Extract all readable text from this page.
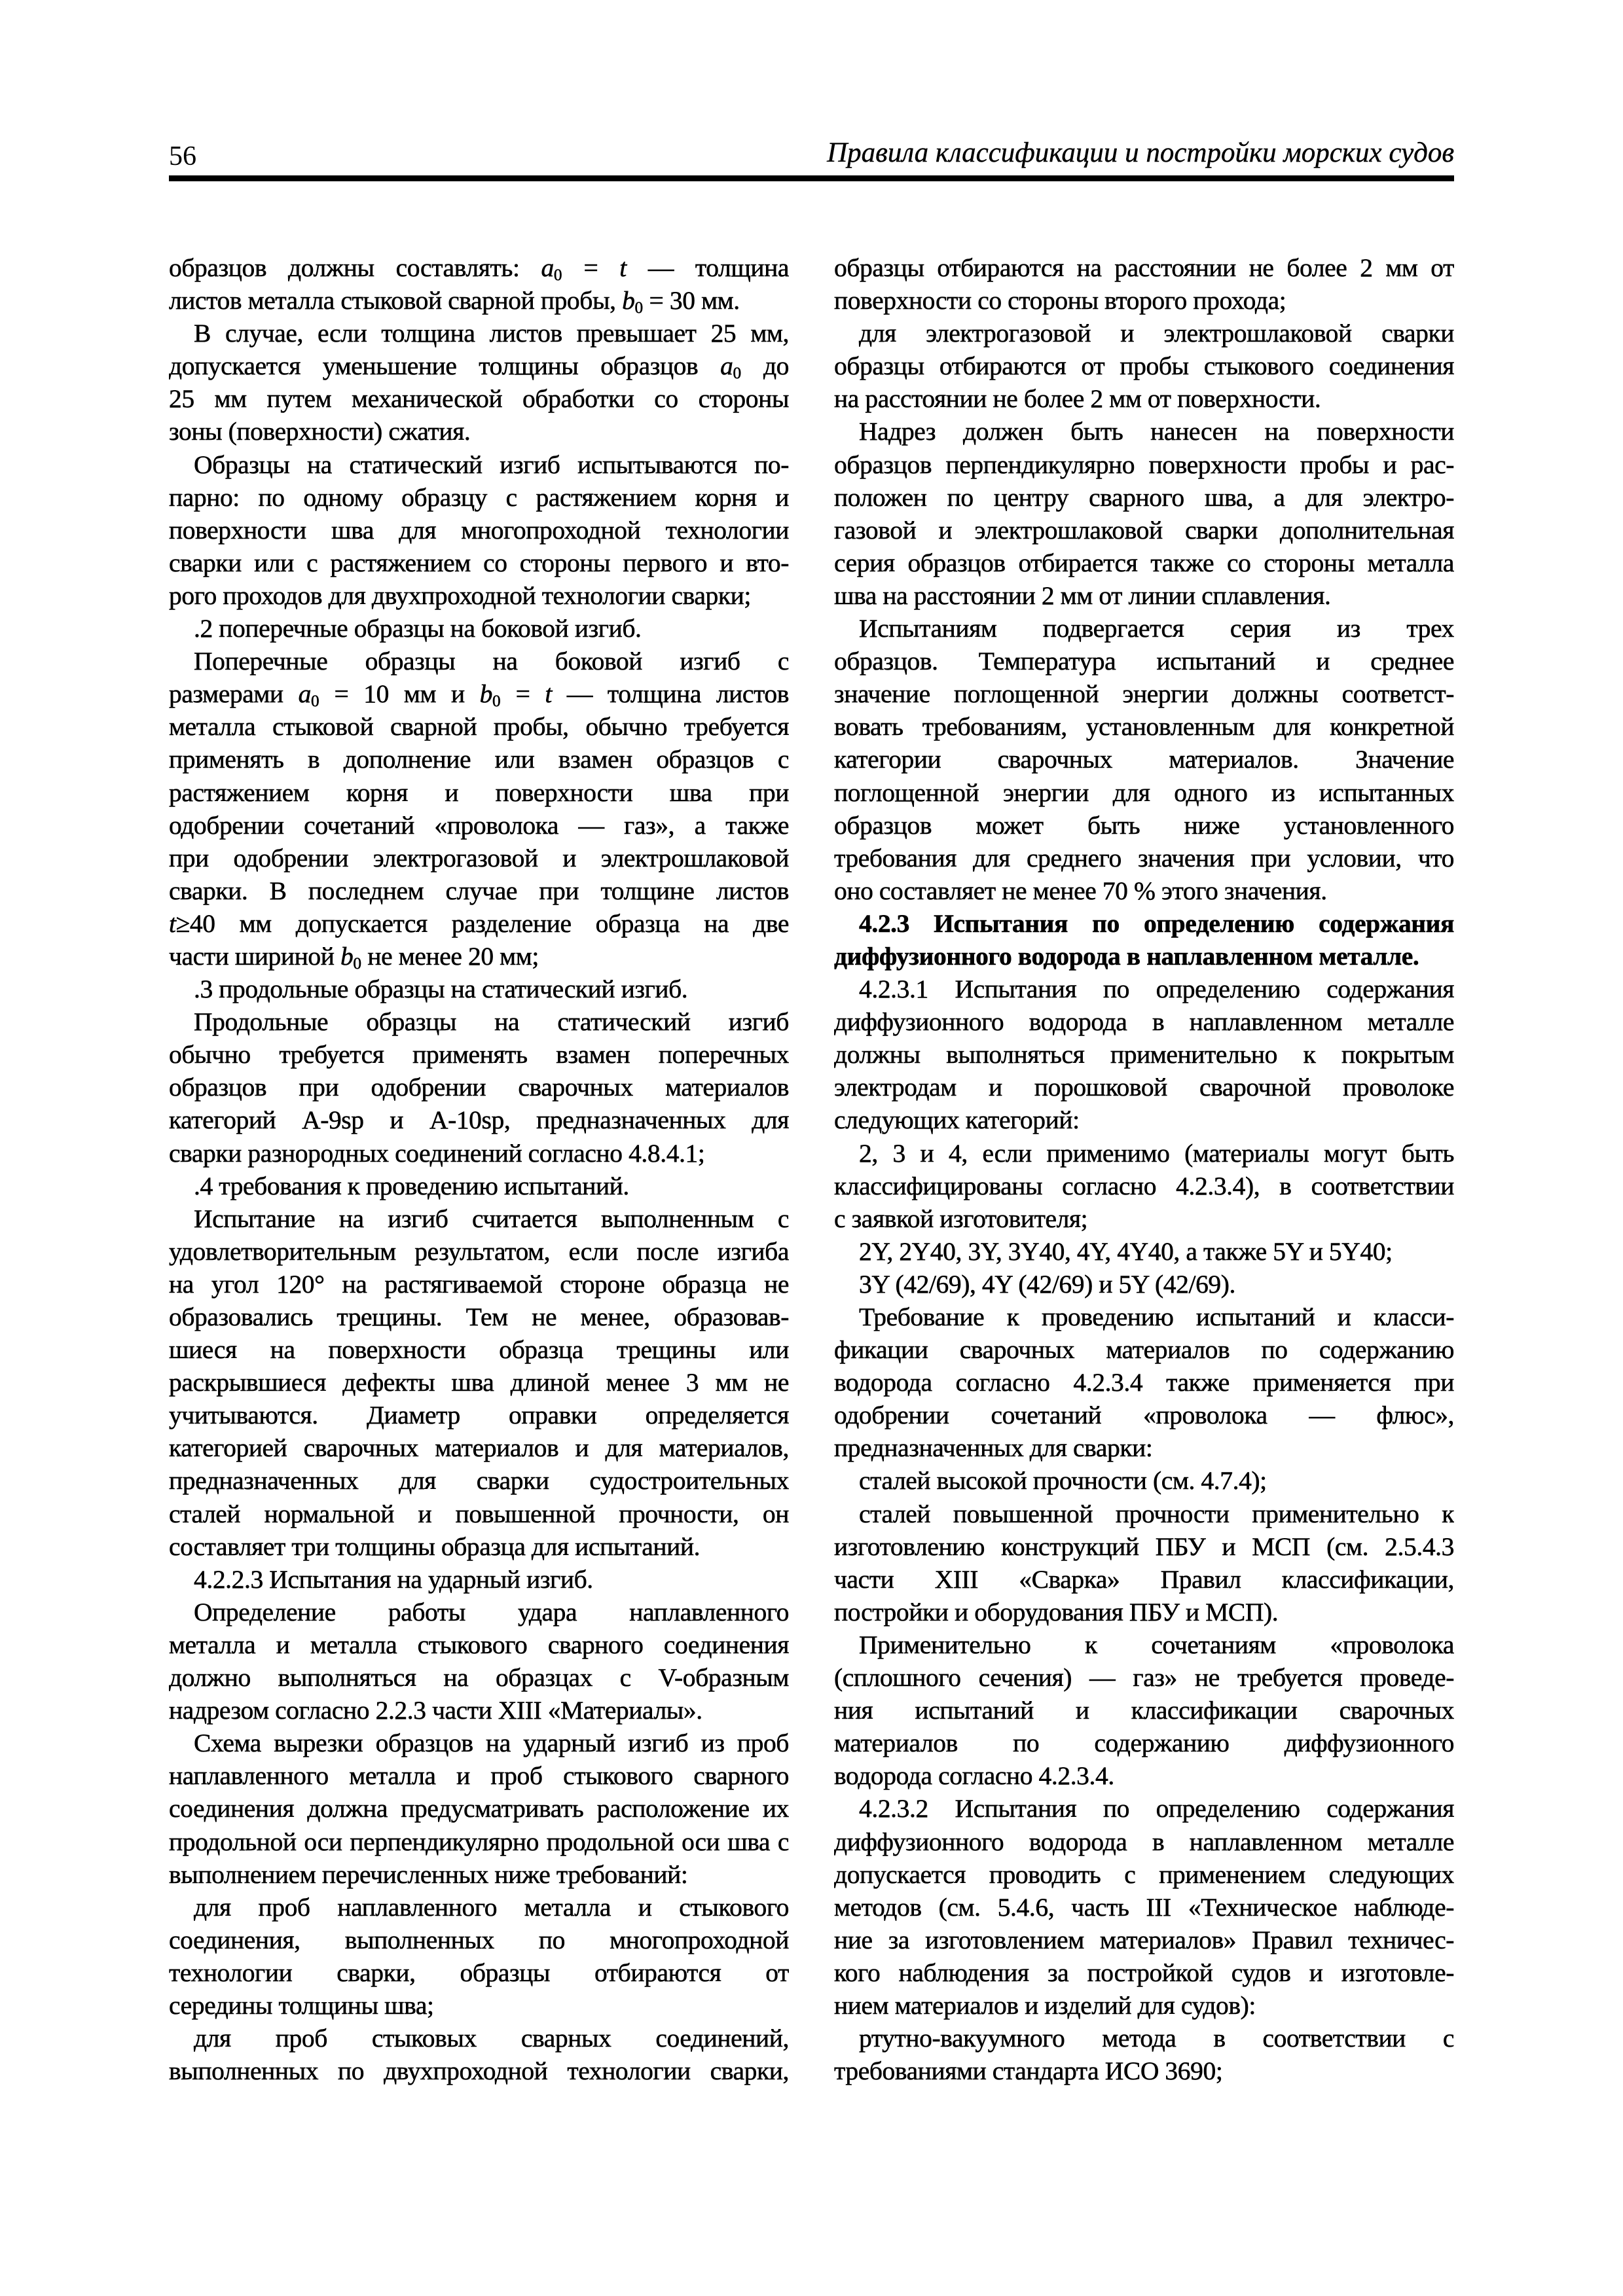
56	Правила классификации и постройки морских судов
образцов должны составлять: $a_0 = t$ — толщина
листов металла стыковой сварной пробы, $b_0 = 30$ мм.
В случае, если толщина листов превышает 25 мм,
допускается уменьшение толщины образцов $a_0$ до
25 мм путем механической обработки со стороны
зоны (поверхности) сжатия.
Образцы на статический изгиб испытываются по-
парно: по одному образцу с растяжением корня и
поверхности шва для многопроходной технологии
сварки или с растяжением со стороны первого и вто-
рого проходов для двухпроходной технологии сварки;
.2 поперечные образцы на боковой изгиб.
Поперечные образцы на боковой изгиб с
размерами $a_0 = 10$ мм и $b_0 = t$ — толщина листов
металла стыковой сварной пробы, обычно требуется
применять в дополнение или взамен образцов с
растяжением корня и поверхности шва при
одобрении сочетаний «проволока — газ», а также
при одобрении электрогазовой и электрошлаковой
сварки. В последнем случае при толщине листов
t≥40 мм допускается разделение образца на две
части шириной $b_0$ не менее 20 мм;
.3 продольные образцы на статический изгиб.
Продольные образцы на статический изгиб
обычно требуется применять взамен поперечных
образцов при одобрении сварочных материалов
категорий А-9sp и А-10sp, предназначенных для
сварки разнородных соединений согласно 4.8.4.1;
.4 требования к проведению испытаний.
Испытание на изгиб считается выполненным с
удовлетворительным результатом, если после изгиба
на угол 120° на растягиваемой стороне образца не
образовались трещины. Тем не менее, образовав-
шиеся на поверхности образца трещины или
раскрывшиеся дефекты шва длиной менее 3 мм не
учитываются. Диаметр оправки определяется
категорией сварочных материалов и для материалов,
предназначенных для сварки судостроительных
сталей нормальной и повышенной прочности, он
составляет три толщины образца для испытаний.
4.2.2.3 Испытания на ударный изгиб.
Определение работы удара наплавленного
металла и металла стыкового сварного соединения
должно выполняться на образцах с V-образным
надрезом согласно 2.2.3 части XIII «Материалы».
Схема вырезки образцов на ударный изгиб из проб
наплавленного металла и проб стыкового сварного
соединения должна предусматривать расположение их
продольной оси перпендикулярно продольной оси шва с
выполнением перечисленных ниже требований:
для проб наплавленного металла и стыкового
соединения, выполненных по многопроходной
технологии сварки, образцы отбираются от
середины толщины шва;
для проб стыковых сварных соединений,
выполненных по двухпроходной технологии сварки,
образцы отбираются на расстоянии не более 2 мм от
поверхности со стороны второго прохода;
для электрогазовой и электрошлаковой сварки
образцы отбираются от пробы стыкового соединения
на расстоянии не более 2 мм от поверхности.
Надрез должен быть нанесен на поверхности
образцов перпендикулярно поверхности пробы и рас-
положен по центру сварного шва, а для электро-
газовой и электрошлаковой сварки дополнительная
серия образцов отбирается также со стороны металла
шва на расстоянии 2 мм от линии сплавления.
Испытаниям подвергается серия из трех
образцов. Температура испытаний и среднее
значение поглощенной энергии должны соответст-
вовать требованиям, установленным для конкретной
категории сварочных материалов. Значение
поглощенной энергии для одного из испытанных
образцов может быть ниже установленного
требования для среднего значения при условии, что
оно составляет не менее 70 % этого значения.
4.2.3 Испытания по определению содержания
диффузионного водорода в наплавленном металле.
4.2.3.1 Испытания по определению содержания
диффузионного водорода в наплавленном металле
должны выполняться применительно к покрытым
электродам и порошковой сварочной проволоке
следующих категорий:
2, 3 и 4, если применимо (материалы могут быть
классифицированы согласно 4.2.3.4), в соответствии
с заявкой изготовителя;
2Y, 2Y40, 3Y, 3Y40, 4Y, 4Y40, а также 5Y и 5Y40;
3Y (42/69), 4Y (42/69) и 5Y (42/69).
Требование к проведению испытаний и класси-
фикации сварочных материалов по содержанию
водорода согласно 4.2.3.4 также применяется при
одобрении сочетаний «проволока — флюс»,
предназначенных для сварки:
сталей высокой прочности (см. 4.7.4);
сталей повышенной прочности применительно к
изготовлению конструкций ПБУ и МСП (см. 2.5.4.3
части XIII «Сварка» Правил классификации,
постройки и оборудования ПБУ и МСП).
Применительно к сочетаниям «проволока
(сплошного сечения) — газ» не требуется проведе-
ния испытаний и классификации сварочных
материалов по содержанию диффузионного
водорода согласно 4.2.3.4.
4.2.3.2 Испытания по определению содержания
диффузионного водорода в наплавленном металле
допускается проводить с применением следующих
методов (см. 5.4.6, часть III «Техническое наблюде-
ние за изготовлением материалов» Правил техничес-
кого наблюдения за постройкой судов и изготовле-
нием материалов и изделий для судов):
ртутно-вакуумного метода в соответствии с
требованиями стандарта ИСО 3690;
